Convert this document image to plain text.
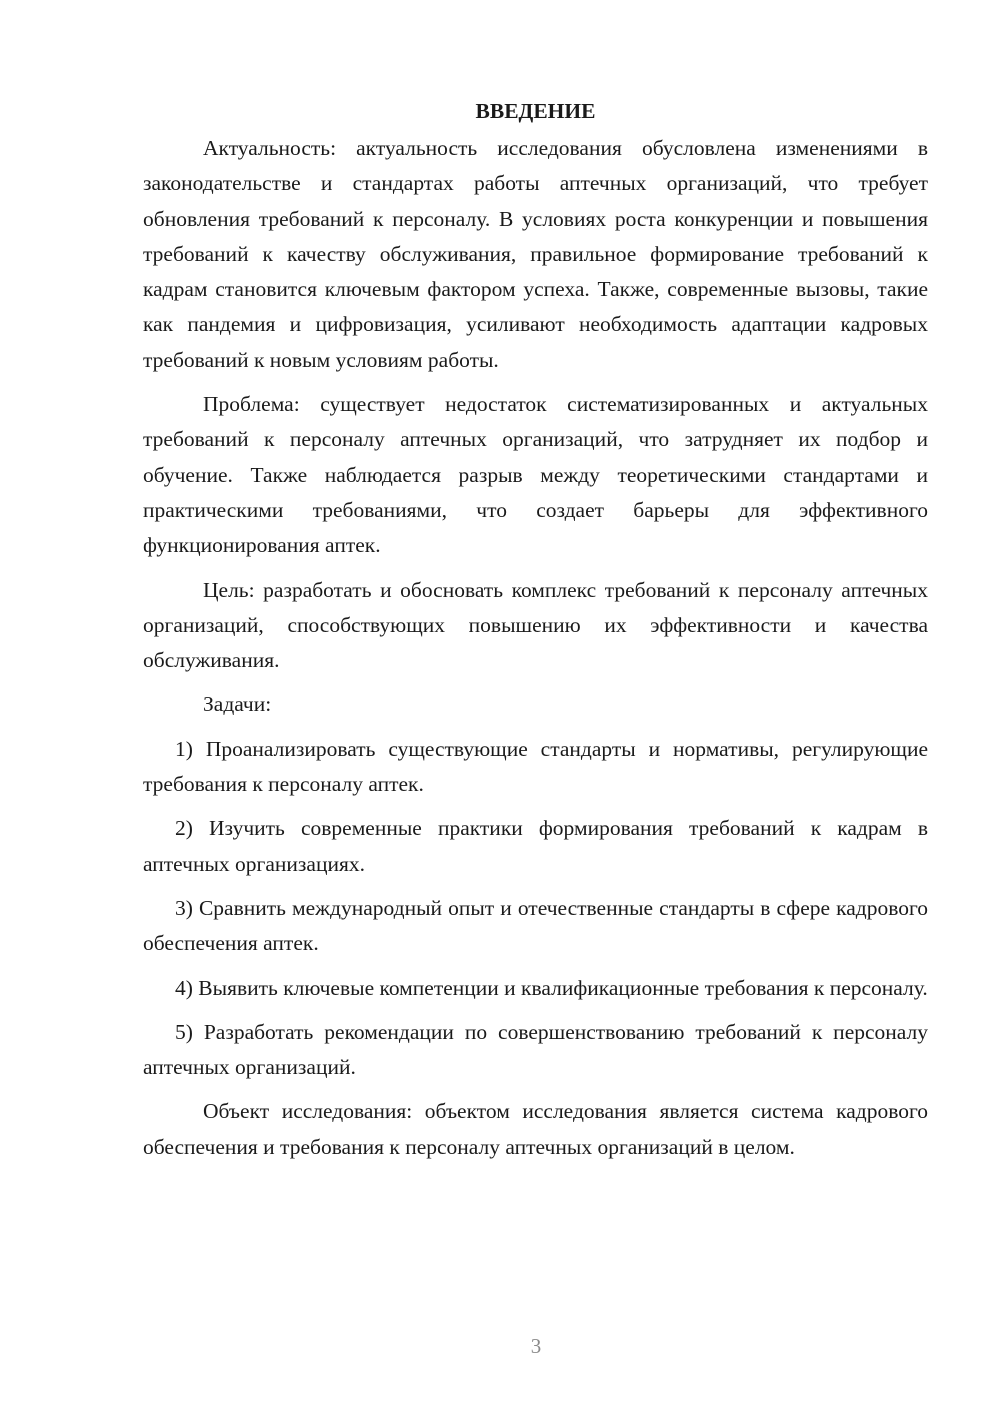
ВВЕДЕНИЕ

Актуальность: актуальность исследования обусловлена изменениями в законодательстве и стандартах работы аптечных организаций, что требует обновления требований к персоналу. В условиях роста конкуренции и повышения требований к качеству обслуживания, правильное формирование требований к кадрам становится ключевым фактором успеха. Также, современные вызовы, такие как пандемия и цифровизация, усиливают необходимость адаптации кадровых требований к новым условиям работы.

Проблема: существует недостаток систематизированных и актуальных требований к персоналу аптечных организаций, что затрудняет их подбор и обучение. Также наблюдается разрыв между теоретическими стандартами и практическими требованиями, что создает барьеры для эффективного функционирования аптек.

Цель: разработать и обосновать комплекс требований к персоналу аптечных организаций, способствующих повышению их эффективности и качества обслуживания.

Задачи:

1) Проанализировать существующие стандарты и нормативы, регулирующие требования к персоналу аптек.

2) Изучить современные практики формирования требований к кадрам в аптечных организациях.

3) Сравнить международный опыт и отечественные стандарты в сфере кадрового обеспечения аптек.

4) Выявить ключевые компетенции и квалификационные требования к персоналу.

5) Разработать рекомендации по совершенствованию требований к персоналу аптечных организаций.

Объект исследования: объектом исследования является система кадрового обеспечения и требования к персоналу аптечных организаций в целом.

3
